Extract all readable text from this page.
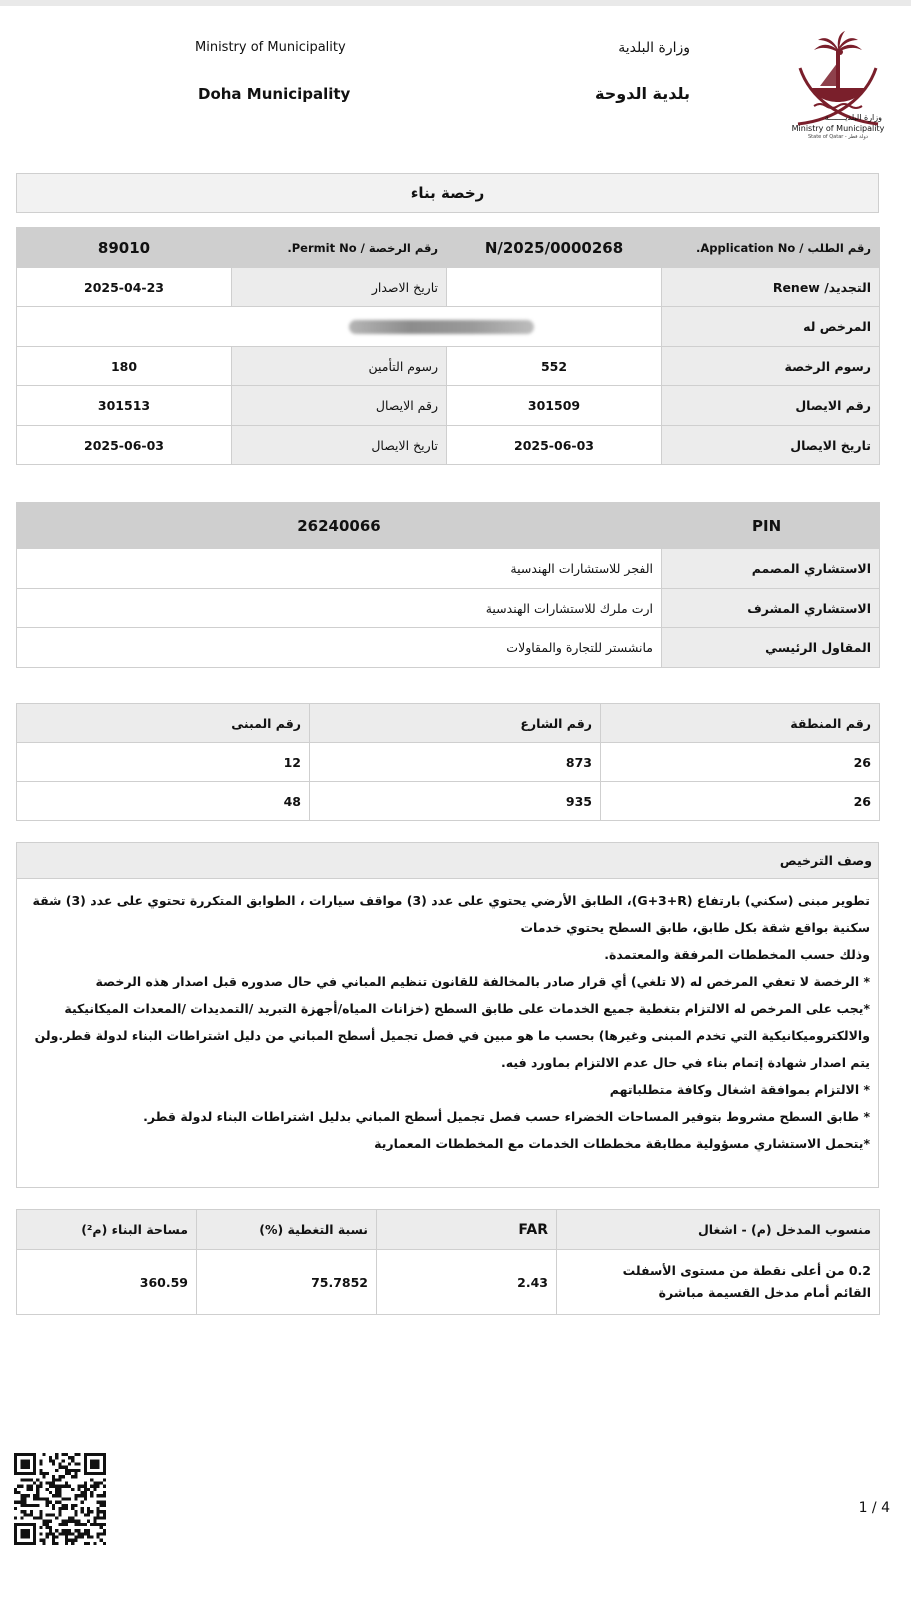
Ministry of Municipality
Doha Municipality
وزارة البلدية
بلدية الدوحة
وزارة البلديـــــــة
Ministry of Municipality
State of Qatar - دولة قطر
رخصة بناء
89010	رقم الرخصة / Permit No.	N/2025/0000268	رقم الطلب / Application No.
2025-04-23	تاريخ الاصدار		التجديد/ Renew
			المرخص له
180	رسوم التأمين	552	رسوم الرخصة
301513	رقم الايصال	301509	رقم الايصال
2025-06-03	تاريخ الايصال	2025-06-03	تاريخ الايصال
26240066	PIN
الفجر للاستشارات الهندسية	الاستشاري المصمم
ارت ملرك للاستشارات الهندسية	الاستشاري المشرف
مانشستر للتجارة والمقاولات	المقاول الرئيسي
رقم المبنى	رقم الشارع	رقم المنطقة
12	873	26
48	935	26
وصف الترخيص

تطوير مبنى (سكني) بارتفاع (G+3+R)، الطابق الأرضي يحتوي على عدد (3) مواقف سيارات ، الطوابق المتكررة تحتوي على عدد (3) شقة سكنية بواقع شقة بكل طابق، طابق السطح يحتوي خدمات

وذلك حسب المخططات المرفقة والمعتمدة.

* الرخصة لا تعفي المرخص له (لا تلغي) أي قرار صادر بالمخالفة للقانون تنظيم المباني في حال صدوره قبل اصدار هذه الرخصة

*يجب على المرخص له الالتزام بتغطية جميع الخدمات على طابق السطح (خزانات المياه/أجهزة التبريد /التمديدات /المعدات الميكانيكية والالكتروميكانيكية التي تخدم المبنى وغيرها) بحسب ما هو مبين في فصل تجميل أسطح المباني من دليل اشتراطات البناء لدولة قطر.ولن يتم اصدار شهادة إتمام بناء في حال عدم الالتزام بماورد فيه.

* الالتزام بموافقة اشغال وكافة متطلباتهم

* طابق السطح مشروط بتوفير المساحات الخضراء حسب فصل تجميل أسطح المباني بدليل اشتراطات البناء لدولة قطر.

*يتحمل الاستشاري مسؤولية مطابقة مخططات الخدمات مع المخططات المعمارية

مساحة البناء (م²)	نسبة التغطية (%)	FAR	منسوب المدخل (م) - اشغال
360.59	75.7852	2.43	0.2 من أعلى نقطة من مستوى الأسفلت القائم أمام مدخل القسيمة مباشرة
1 / 4
